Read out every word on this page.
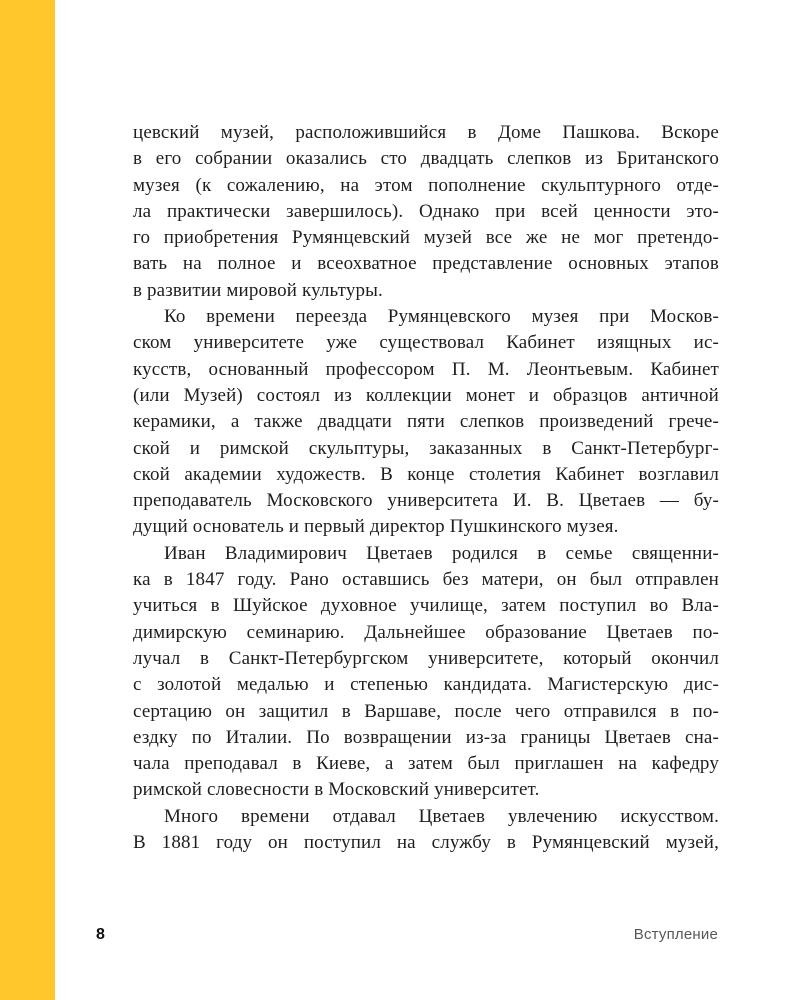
цевский музей, расположившийся в Доме Пашкова. Вскоре
в его собрании оказались сто двадцать слепков из Британского
музея (к сожалению, на этом пополнение скульптурного отде-
ла практически завершилось). Однако при всей ценности это-
го приобретения Румянцевский музей все же не мог претендо-
вать на полное и всеохватное представление основных этапов
в развитии мировой культуры.
Ко времени переезда Румянцевского музея при Москов-
ском университете уже существовал Кабинет изящных ис-
кусств, основанный профессором П. М. Леонтьевым. Кабинет
(или Музей) состоял из коллекции монет и образцов античной
керамики, а также двадцати пяти слепков произведений грече-
ской и римской скульптуры, заказанных в Санкт-Петербург-
ской академии художеств. В конце столетия Кабинет возглавил
преподаватель Московского университета И. В. Цветаев — бу-
дущий основатель и первый директор Пушкинского музея.
Иван Владимирович Цветаев родился в семье священни-
ка в 1847 году. Рано оставшись без матери, он был отправлен
учиться в Шуйское духовное училище, затем поступил во Вла-
димирскую семинарию. Дальнейшее образование Цветаев по-
лучал в Санкт-Петербургском университете, который окончил
с золотой медалью и степенью кандидата. Магистерскую дис-
сертацию он защитил в Варшаве, после чего отправился в по-
ездку по Италии. По возвращении из-за границы Цветаев сна-
чала преподавал в Киеве, а затем был приглашен на кафедру
римской словесности в Московский университет.
Много времени отдавал Цветаев увлечению искусством.
В 1881 году он поступил на службу в Румянцевский музей,
8	Вступление
